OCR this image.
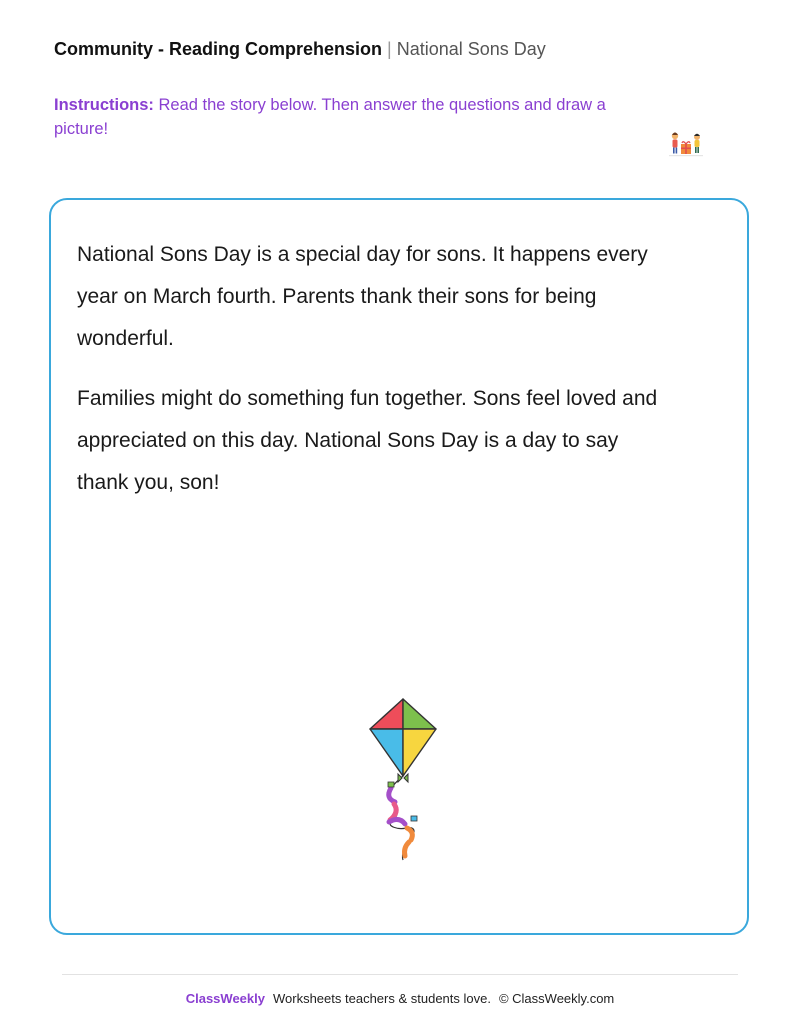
Community - Reading Comprehension | National Sons Day
Instructions: Read the story below. Then answer the questions and draw a picture!

National Sons Day is a special day for sons. It happens every year on March fourth. Parents thank their sons for being wonderful.

Families might do something fun together. Sons feel loved and appreciated on this day. National Sons Day is a day to say thank you, son!

ClassWeekly Worksheets teachers & students love. © ClassWeekly.com
